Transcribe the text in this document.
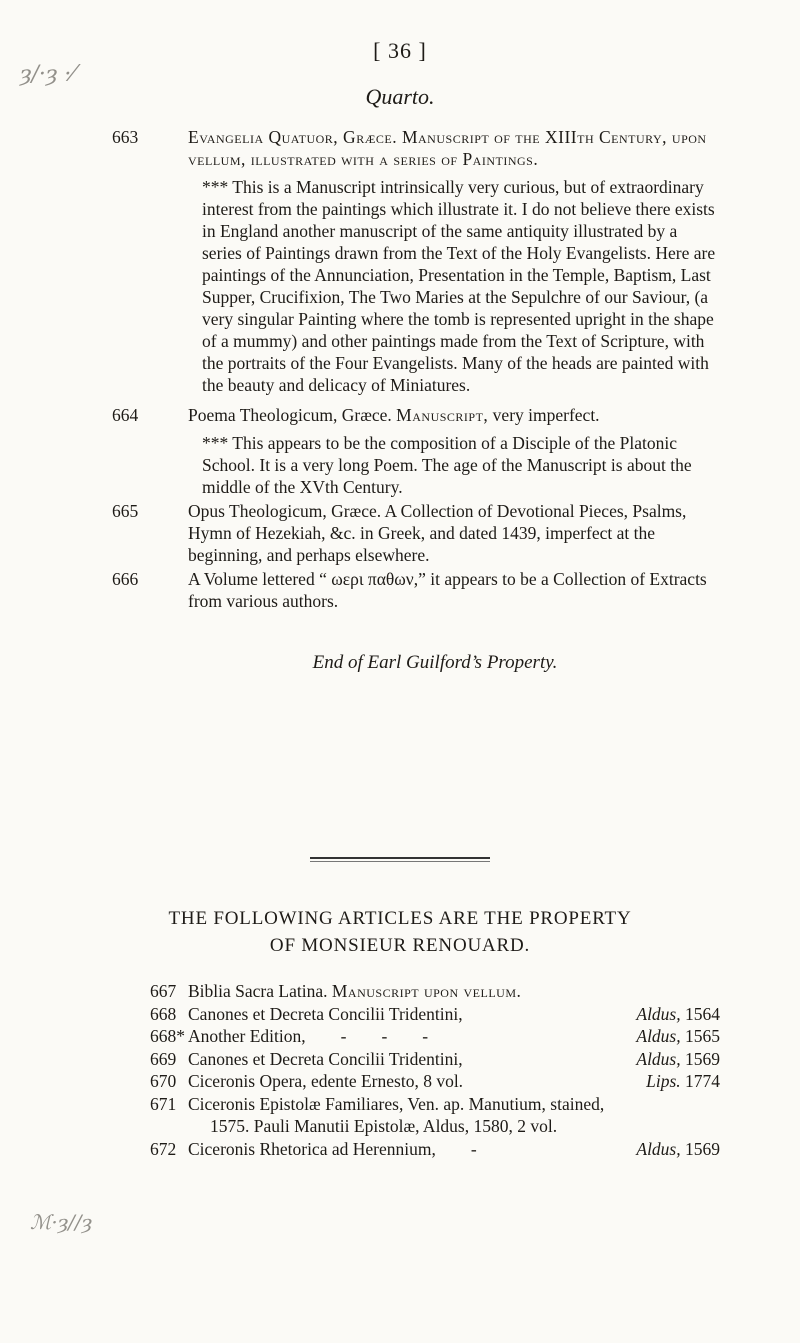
ȝ/·ȝ ·⁄
[ 36 ]
Quarto.
663	Evangelia Quatuor, Græce. Manuscript of the XIIIth Century, upon vellum, illustrated with a series of Paintings.
*** This is a Manuscript intrinsically very curious, but of extraordinary interest from the paintings which illustrate it. I do not believe there exists in England another manuscript of the same antiquity illustrated by a series of Paintings drawn from the Text of the Holy Evangelists. Here are paintings of the Annunciation, Presentation in the Temple, Baptism, Last Supper, Crucifixion, The Two Maries at the Sepulchre of our Saviour, (a very singular Painting where the tomb is represented upright in the shape of a mummy) and other paintings made from the Text of Scripture, with the portraits of the Four Evangelists. Many of the heads are painted with the beauty and delicacy of Miniatures.
664	Poema Theologicum, Græce. Manuscript, very imperfect.
*** This appears to be the composition of a Disciple of the Platonic School. It is a very long Poem. The age of the Manuscript is about the middle of the XVth Century.
665	Opus Theologicum, Græce. A Collection of Devotional Pieces, Psalms, Hymn of Hezekiah, &c. in Greek, and dated 1439, imperfect at the beginning, and perhaps elsewhere.
666	A Volume lettered “ ωερι παθων,” it appears to be a Collection of Extracts from various authors.
End of Earl Guilford’s Property.
THE FOLLOWING ARTICLES ARE THE PROPERTY
OF MONSIEUR RENOUARD.
667 Biblia Sacra Latina. Manuscript upon vellum.
668 Canones et Decreta Concilii Tridentini,	Aldus, 1564
668* Another Edition,        -        -        -	Aldus, 1565
669 Canones et Decreta Concilii Tridentini,	Aldus, 1569
670 Ciceronis Opera, edente Ernesto, 8 vol.	Lips. 1774
671 Ciceronis Epistolæ Familiares, Ven. ap. Manutium, stained,
1575. Pauli Manutii Epistolæ, Aldus, 1580, 2 vol.
672 Ciceronis Rhetorica ad Herennium,        -	Aldus, 1569
ℳ·ȝ//ȝ
